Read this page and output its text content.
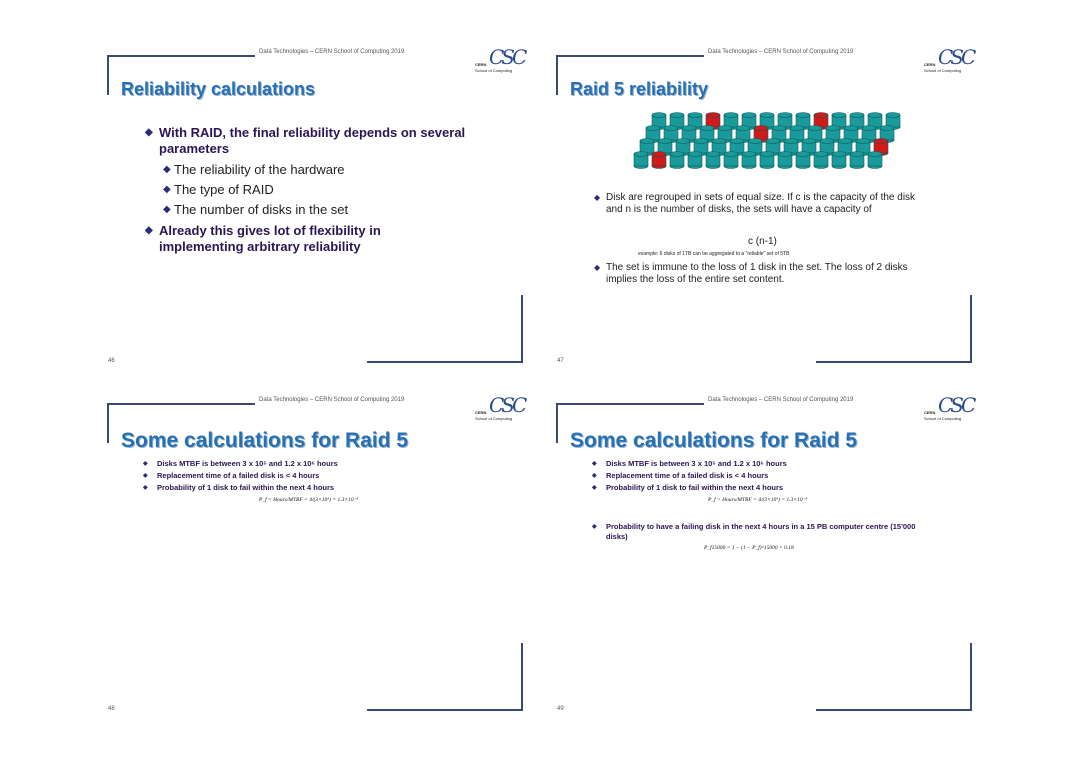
Data Technologies – CERN School of Computing 2019	CSC
CERN
School of Computing
Reliability calculations
◆ With RAID, the final reliability depends on several parameters
◆ The reliability of the hardware
◆ The type of RAID
◆ The number of disks in the set
◆ Already this gives lot of flexibility in implementing arbitrary reliability
46
Data Technologies – CERN School of Computing 2019	CSC
CERN
School of Computing
Raid 5 reliability
◆ Disk are regrouped in sets of equal size. If c is the capacity of the disk and n is the number of disks, the sets will have a capacity of
c (n-1)
example: 6 disks of 1TB can be aggregated to a "reliable" set of 5TB
◆ The set is immune to the loss of 1 disk in the set. The loss of 2 disks implies the loss of the entire set content.
47
Data Technologies – CERN School of Computing 2019	CSC
CERN
School of Computing
Some calculations for Raid 5
◆ Disks MTBF is between 3 x 10⁵ and 1.2 x 10⁶ hours
◆ Replacement time of a failed disk is < 4 hours
◆ Probability of 1 disk to fail within the next 4 hours
P_f = Hours/MTBF = 4/(3×10⁵) = 1.3×10⁻⁵
48
Data Technologies – CERN School of Computing 2019	CSC
CERN
School of Computing
Some calculations for Raid 5
◆ Disks MTBF is between 3 x 10⁵ and 1.2 x 10⁶ hours
◆ Replacement time of a failed disk is < 4 hours
◆ Probability of 1 disk to fail within the next 4 hours
P_f = Hours/MTBF = 4/(3×10⁵) = 1.3×10⁻⁵
◆	Probability to have a failing disk in the next 4 hours in a 15 PB computer centre (15'000 disks)
P_f15000 = 1 − (1 − P_f)^15000 = 0.18
49
